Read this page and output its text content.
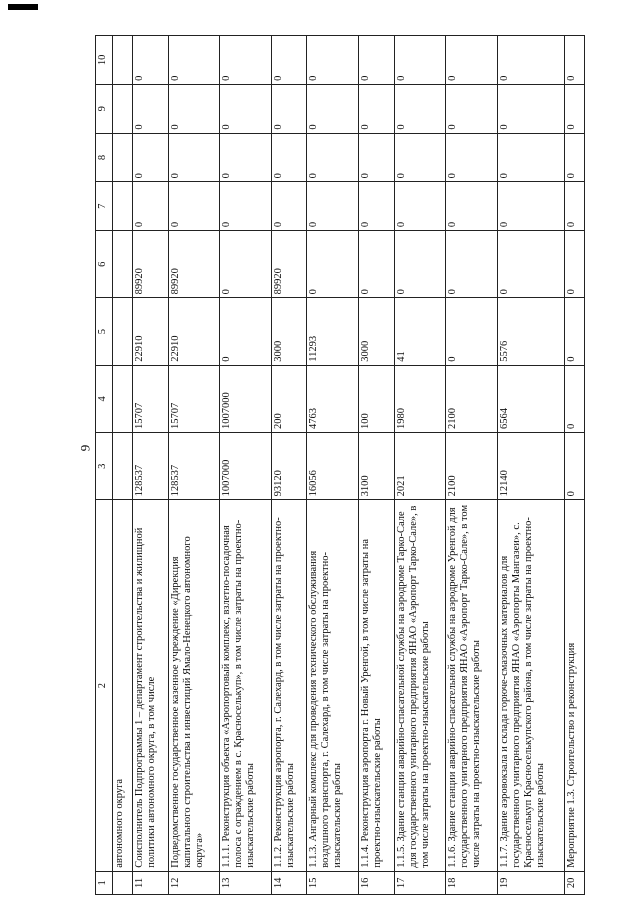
9
1	2	3	4	5	6	7	8	9	10
	автономного округа								
11	Соисполнитель Подпрограммы 1 – департамент строительства и жилищной политики автономного округа, в том числе	128537	15707	22910	89920	0	0	0	0
12	Подведомственное государственное казенное учреждение «Дирекция капитального строительства и инвестиций Ямало-Ненецкого автономного округа»	128537	15707	22910	89920	0	0	0	0
13	1.1.1. Реконструкция объекта «Аэропортовый комплекс, взлетно-посадочная полоса с ограждением в с. Красноселькуп», в том числе затраты на проектно-изыскательские работы	1007000	1007000	0	0	0	0	0	0
14	1.1.2. Реконструкция аэропорта, г. Салехард, в том числе затраты на проектно-изыскательские работы	93120	200	3000	89920	0	0	0	0
15	1.1.3. Ангарный комплекс для проведения технического обслуживания воздушного транспорта, г. Салехард, в том числе затраты на проектно-изыскательские работы	16056	4763	11293	0	0	0	0	0
16	1.1.4. Реконструкция аэропорта г. Новый Уренгой, в том числе затраты на проектно-изыскательские работы	3100	100	3000	0	0	0	0	0
17	1.1.5. Здание станции аварийно-спасательной службы на аэродроме Тарко-Сале для государственного унитарного предприятия ЯНАО «Аэропорт Тарко-Сале», в том числе затраты на проектно-изыскательские работы	2021	1980	41	0	0	0	0	0
18	1.1.6. Здание станции аварийно-спасательной службы на аэродроме Уренгой для государственного унитарного предприятия ЯНАО «Аэропорт Тарко-Сале», в том числе затраты на проектно-изыскательские работы	2100	2100	0	0	0	0	0	0
19	1.1.7. Здание аэровокзала и склада горюче-смазочных материалов для государственного унитарного предприятия ЯНАО «Аэропорты Мангазеи», с. Красноселькуп Красноселькупского района, в том числе затраты на проектно-изыскательские работы	12140	6564	5576	0	0	0	0	0
20	Мероприятие 1.3. Строительство и реконструкция	0	0	0	0	0	0	0	0
